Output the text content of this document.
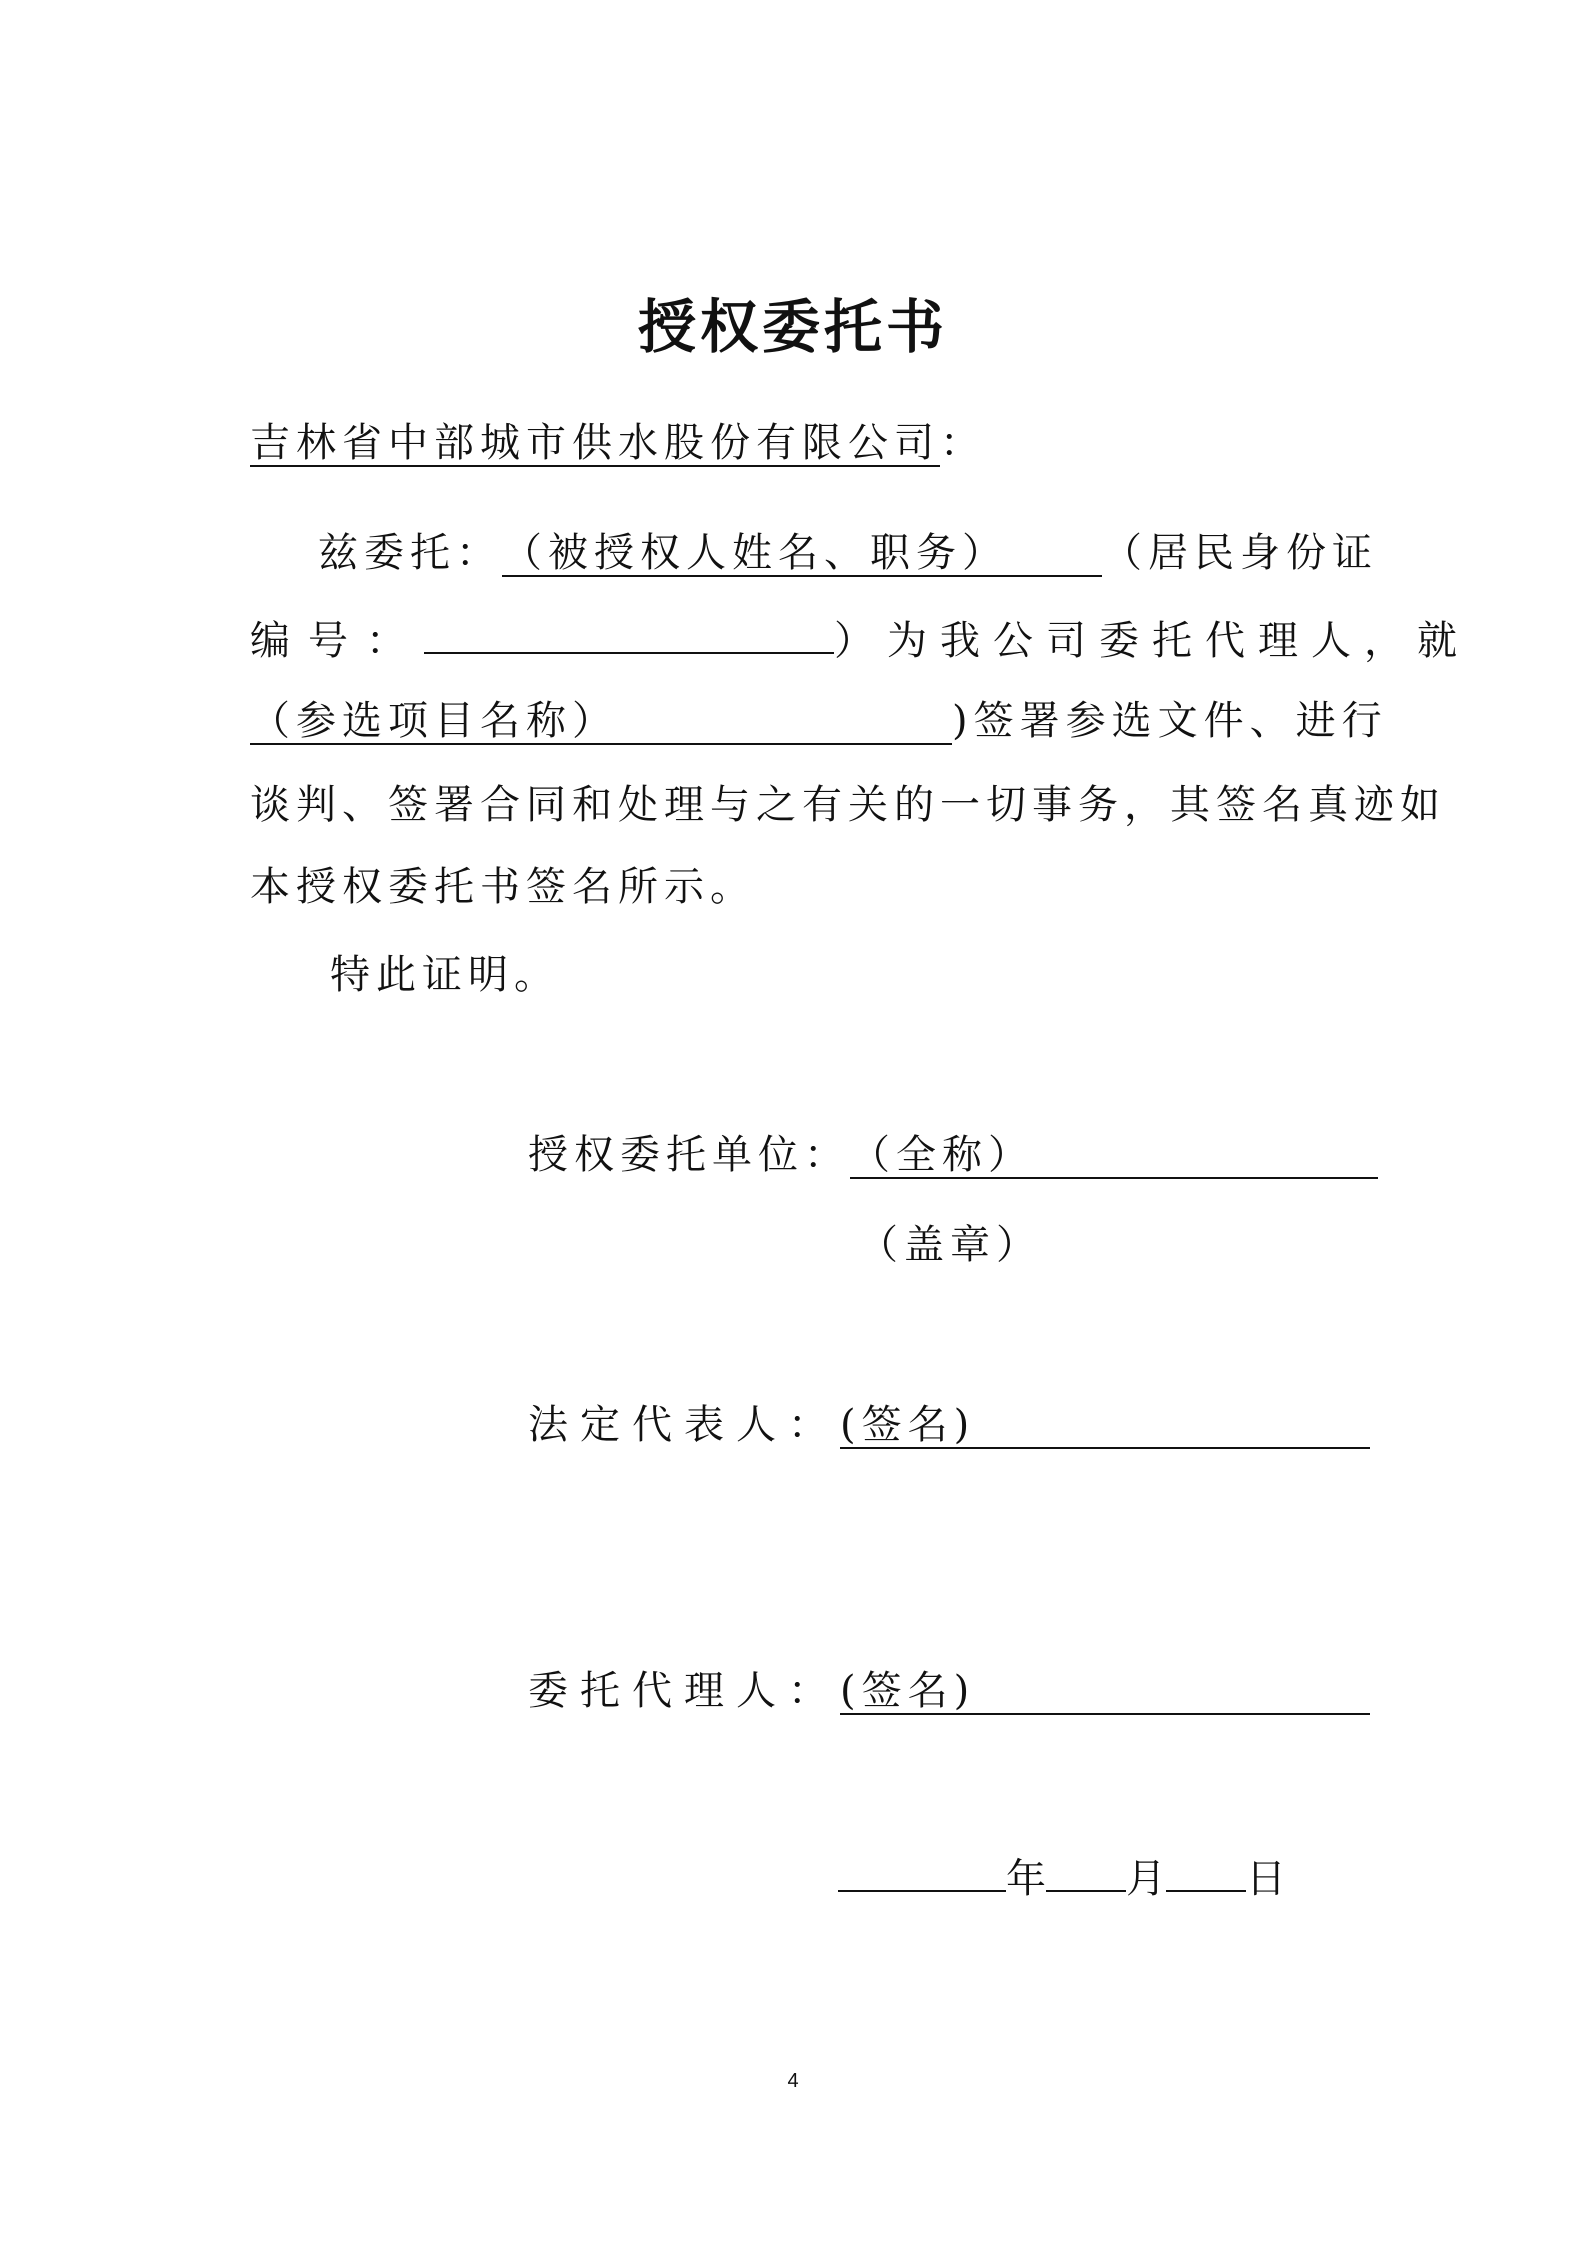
授权委托书
吉林省中部城市供水股份有限公司：
兹委托：（被授权人姓名、职务） （居民身份证
编号：	）为我公司委托代理人，就
（参选项目名称）	)签署参选文件、进行
谈判、签署合同和处理与之有关的一切事务，其签名真迹如
本授权委托书签名所示。
特此证明。
授权委托单位：（全称）
（盖章）
法定代表人：(签名)
委托代理人：(签名)
年 月 日
4
